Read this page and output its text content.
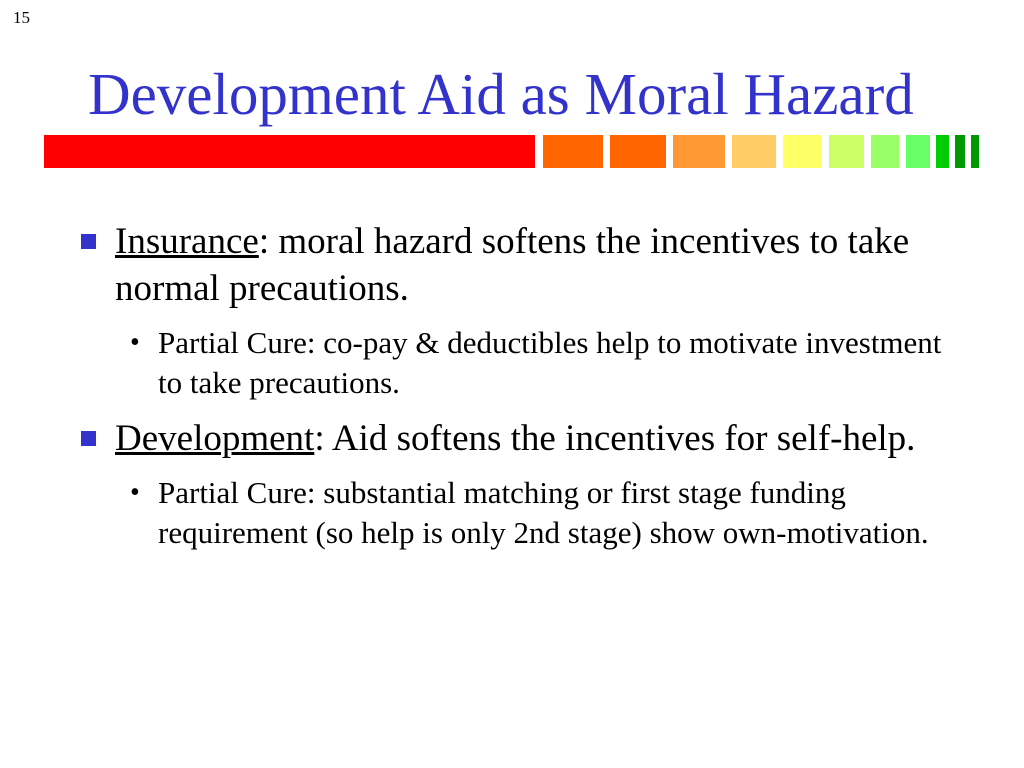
15
Development Aid as Moral Hazard
Insurance: moral hazard softens the incentives to take normal precautions.
• Partial Cure: co-pay & deductibles help to motivate investment to take precautions.
Development: Aid softens the incentives for self-help.
• Partial Cure: substantial matching or first stage funding requirement (so help is only 2nd stage) show own-motivation.
